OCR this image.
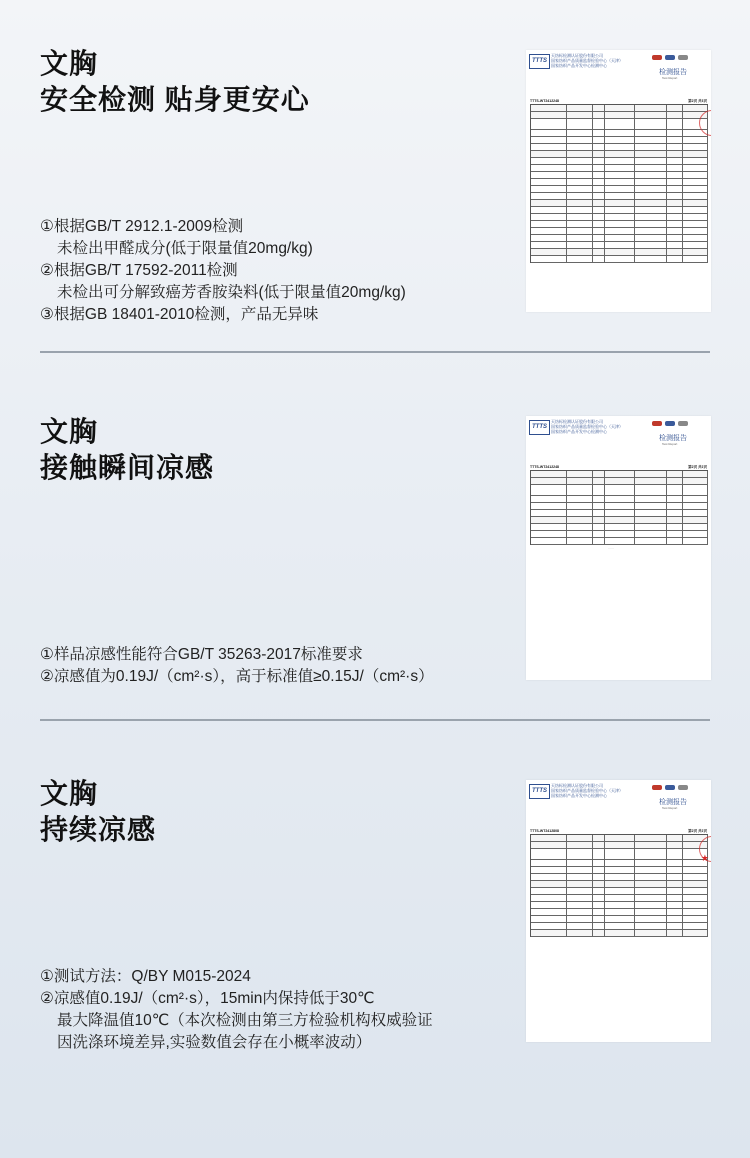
文胸
安全检测 贴身更安心
①根据GB/T 2912.1-2009检测
未检出甲醛成分(低于限量值20mg/kg)
②根据GB/T 17592-2011检测
未检出可分解致癌芳香胺染料(低于限量值20mg/kg)
③根据GB 18401-2010检测，产品无异味
TTTS
天纺标检测认证股份有限公司
国家纺织产品质量监督检验中心（天津）
国家纺织产品开发中心检测中心
检测报告
Test Report
TTTS-WT2412248	第2页 共3页
文胸
接触瞬间凉感
①样品凉感性能符合GB/T 35263-2017标准要求
②凉感值为0.19J/（cm²·s），高于标准值≥0.15J/（cm²·s）
TTTS
天纺标检测认证股份有限公司
国家纺织产品质量监督检验中心（天津）
国家纺织产品开发中心检测中心
检测报告
Test Report
TTTS-WT2412248	第2页 共2页
······
文胸
持续凉感
①测试方法：Q/BY M015-2024
②凉感值0.19J/（cm²·s），15min内保持低于30℃
最大降温值10℃（本次检测由第三方检验机构权威验证
因洗涤环境差异,实验数值会存在小概率波动）
TTTS
天纺标检测认证股份有限公司
国家纺织产品质量监督检验中心（天津）
国家纺织产品开发中心检测中心
检测报告
Test Report
TTTS-WT2412808	第2页 共2页
★
······
